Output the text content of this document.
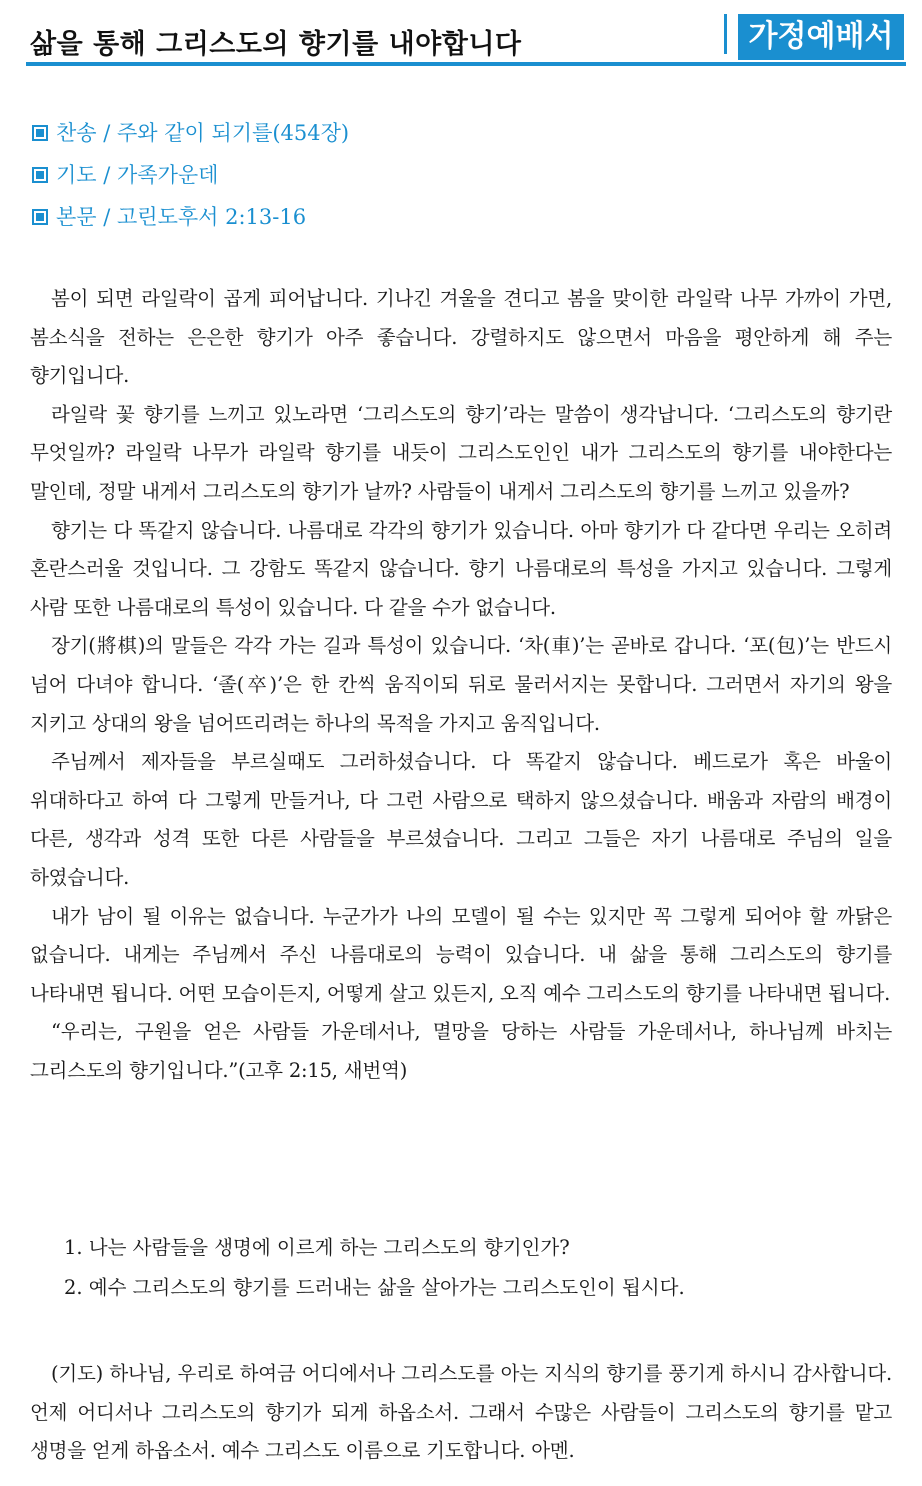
삶을 통해 그리스도의 향기를 내야합니다	가정예배서
찬송 / 주와 같이 되기를(454장)
기도 / 가족가운데
본문 / 고린도후서 2:13-16

봄이 되면 라일락이 곱게 피어납니다. 기나긴 겨울을 견디고 봄을 맞이한 라일락 나무 가까이 가면, 봄소식을 전하는 은은한 향기가 아주 좋습니다. 강렬하지도 않으면서 마음을 평안하게 해 주는 향기입니다.

라일락 꽃 향기를 느끼고 있노라면 ‘그리스도의 향기’라는 말씀이 생각납니다. ‘그리스도의 향기란 무엇일까? 라일락 나무가 라일락 향기를 내듯이 그리스도인인 내가 그리스도의 향기를 내야한다는 말인데, 정말 내게서 그리스도의 향기가 날까? 사람들이 내게서 그리스도의 향기를 느끼고 있을까?

향기는 다 똑같지 않습니다. 나름대로 각각의 향기가 있습니다. 아마 향기가 다 같다면 우리는 오히려 혼란스러울 것입니다. 그 강함도 똑같지 않습니다. 향기 나름대로의 특성을 가지고 있습니다. 그렇게 사람 또한 나름대로의 특성이 있습니다. 다 같을 수가 없습니다.

장기(將棋)의 말들은 각각 가는 길과 특성이 있습니다. ‘차(車)’는 곧바로 갑니다. ‘포(包)’는 반드시 넘어 다녀야 합니다. ‘졸(卒)’은 한 칸씩 움직이되 뒤로 물러서지는 못합니다. 그러면서 자기의 왕을 지키고 상대의 왕을 넘어뜨리려는 하나의 목적을 가지고 움직입니다.

주님께서 제자들을 부르실때도 그러하셨습니다. 다 똑같지 않습니다. 베드로가 혹은 바울이 위대하다고 하여 다 그렇게 만들거나, 다 그런 사람으로 택하지 않으셨습니다. 배움과 자람의 배경이 다른, 생각과 성격 또한 다른 사람들을 부르셨습니다. 그리고 그들은 자기 나름대로 주님의 일을 하였습니다.

내가 남이 될 이유는 없습니다. 누군가가 나의 모델이 될 수는 있지만 꼭 그렇게 되어야 할 까닭은 없습니다. 내게는 주님께서 주신 나름대로의 능력이 있습니다. 내 삶을 통해 그리스도의 향기를 나타내면 됩니다. 어떤 모습이든지, 어떻게 살고 있든지, 오직 예수 그리스도의 향기를 나타내면 됩니다.

“우리는, 구원을 얻은 사람들 가운데서나, 멸망을 당하는 사람들 가운데서나, 하나님께 바치는 그리스도의 향기입니다.”(고후 2:15, 새번역)

1. 나는 사람들을 생명에 이르게 하는 그리스도의 향기인가?
2. 예수 그리스도의 향기를 드러내는 삶을 살아가는 그리스도인이 됩시다.
(기도) 하나님, 우리로 하여금 어디에서나 그리스도를 아는 지식의 향기를 풍기게 하시니 감사합니다. 언제 어디서나 그리스도의 향기가 되게 하옵소서. 그래서 수많은 사람들이 그리스도의 향기를 맡고 생명을 얻게 하옵소서. 예수 그리스도 이름으로 기도합니다. 아멘.
